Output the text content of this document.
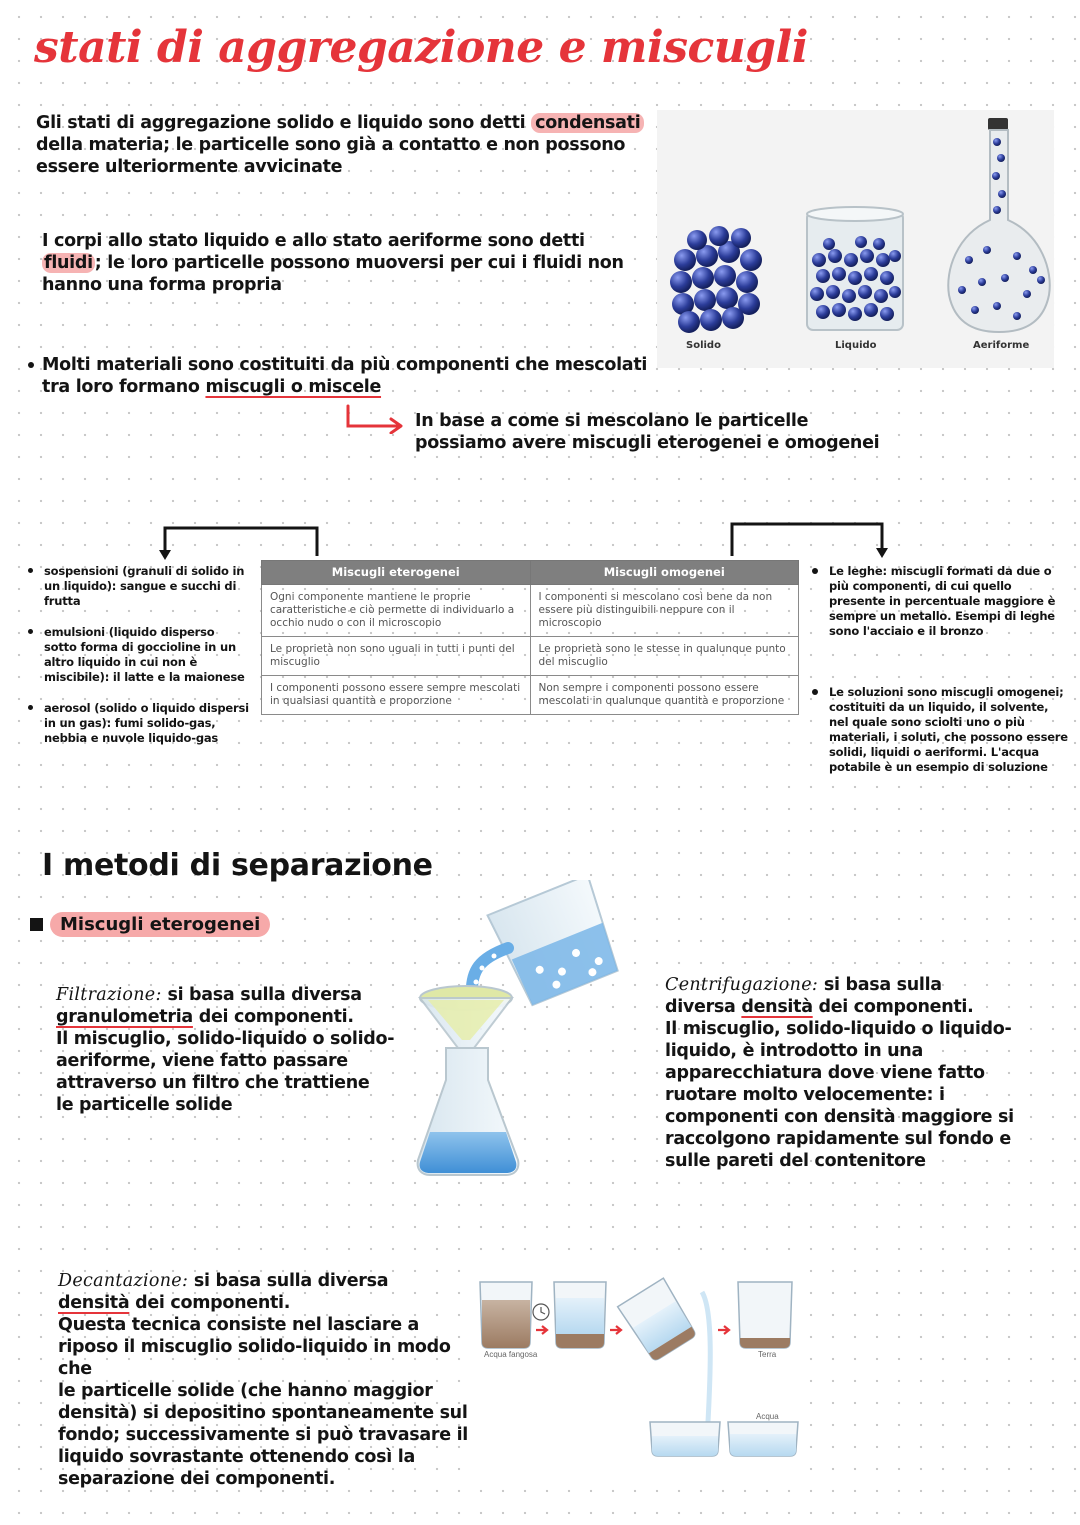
stati di aggregazione e miscugli
Gli stati di aggregazione solido e liquido sono detti condensati
della materia; le particelle sono già a contatto e non possono
essere ulteriormente avvicinate
I corpi allo stato liquido e allo stato aeriforme sono detti
fluidi ; le loro particelle possono muoversi per cui i fluidi non
hanno una forma propria
Solido	Liquido	Aeriforme
Molti materiali sono costituiti da più componenti che mescolati
tra loro formano miscugli o miscele
In base a come si mescolano le particelle
possiamo avere miscugli eterogenei e omogenei
sospensioni (granuli di solido in un liquido): sangue e succhi di frutta
emulsioni (liquido disperso sotto forma di goccioline in un altro liquido in cui non è miscibile): il latte e la maionese
aerosol (solido o liquido dispersi in un gas): fumi solido-gas, nebbia e nuvole liquido-gas
Miscugli eterogenei	Miscugli omogenei
Ogni componente mantiene le proprie caratteristiche e ciò permette di individuarlo a occhio nudo o con il microscopio	I componenti si mescolano così bene da non essere più distinguibili neppure con il microscopio
Le proprietà non sono uguali in tutti i punti del miscuglio	Le proprietà sono le stesse in qualunque punto del miscuglio
I componenti possono essere sempre mescolati in qualsiasi quantità e proporzione	Non sempre i componenti possono essere mescolati in qualunque quantità e proporzione
Le leghe: miscugli formati da due o più componenti, di cui quello presente in percentuale maggiore è sempre un metallo. Esempi di leghe sono l'acciaio e il bronzo
Le soluzioni sono miscugli omogenei; costituiti da un liquido, il solvente, nel quale sono sciolti uno o più materiali, i soluti, che possono essere solidi, liquidi o aeriformi. L'acqua potabile è un esempio di soluzione
I metodi di separazione
Miscugli eterogenei
Filtrazione: si basa sulla diversa
granulometria dei componenti.
Il miscuglio, solido-liquido o solido-
aeriforme, viene fatto passare
attraverso un filtro che trattiene
le particelle solide
Centrifugazione: si basa sulla
diversa densità dei componenti.
Il miscuglio, solido-liquido o liquido-
liquido, è introdotto in una
apparecchiatura dove viene fatto
ruotare molto velocemente: i
componenti con densità maggiore si
raccolgono rapidamente sul fondo e
sulle pareti del contenitore
Decantazione: si basa sulla diversa
densità dei componenti.
Questa tecnica consiste nel lasciare a
riposo il miscuglio solido-liquido in modo che
le particelle solide (che hanno maggior
densità) si depositino spontaneamente sul
fondo; successivamente si può travasare il
liquido sovrastante ottenendo così la
separazione dei componenti.
Acqua fangosa	Terra
Acqua
